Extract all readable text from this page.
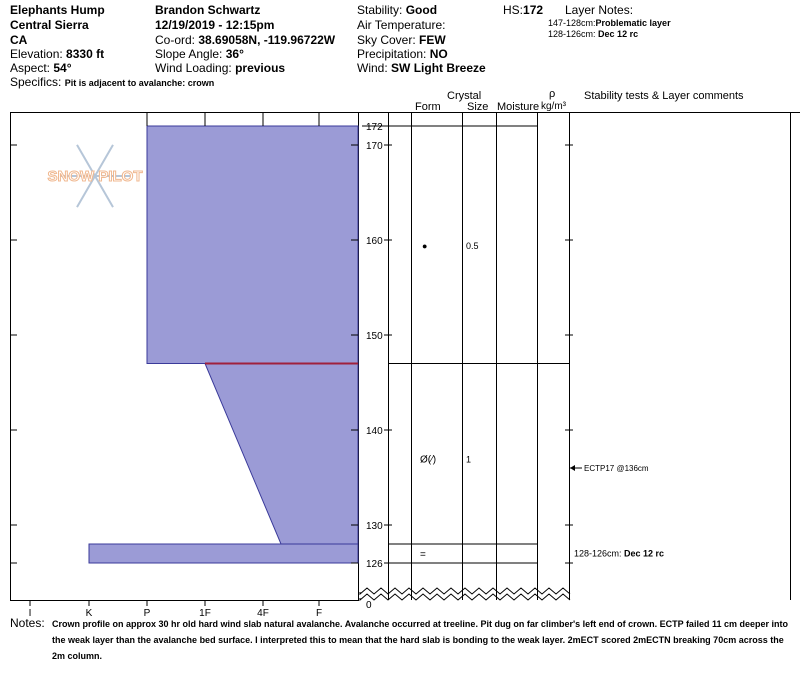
Elephants Hump
Central Sierra
CA
Elevation: 8330 ft
Aspect: 54°
Specifics: Pit is adjacent to avalanche: crown
Brandon Schwartz
12/19/2019 - 12:15pm
Co-ord: 38.69058N, -119.96722W
Slope Angle: 36°
Wind Loading: previous
Stability: Good
Air Temperature:
Sky Cover: FEW
Precipitation: NO
Wind: SW Light Breeze
HS:172 Layer Notes:
147-128cm:Problematic layer
128-126cm: Dec 12 rc
Crystal
Form Size Moisture
ρ
kg/m³
Stability tests & Layer comments
SNOW PILOT
172
170
160
150
140
130
126
0
I	K	P	1F	4F	F
●	0.5
Ø(⁄)	1
=
ECTP17 @136cm
128-126cm: Dec 12 rc
Notes: Crown profile on approx 30 hr old hard wind slab natural avalanche. Avalanche occurred at treeline. Pit dug on far climber's left end of crown. ECTP failed 11 cm deeper into the weak layer than the avalanche bed surface. I interpreted this to mean that the hard slab is bonding to the weak layer. 2mECT scored 2mECTN breaking 70cm across the 2m column.
